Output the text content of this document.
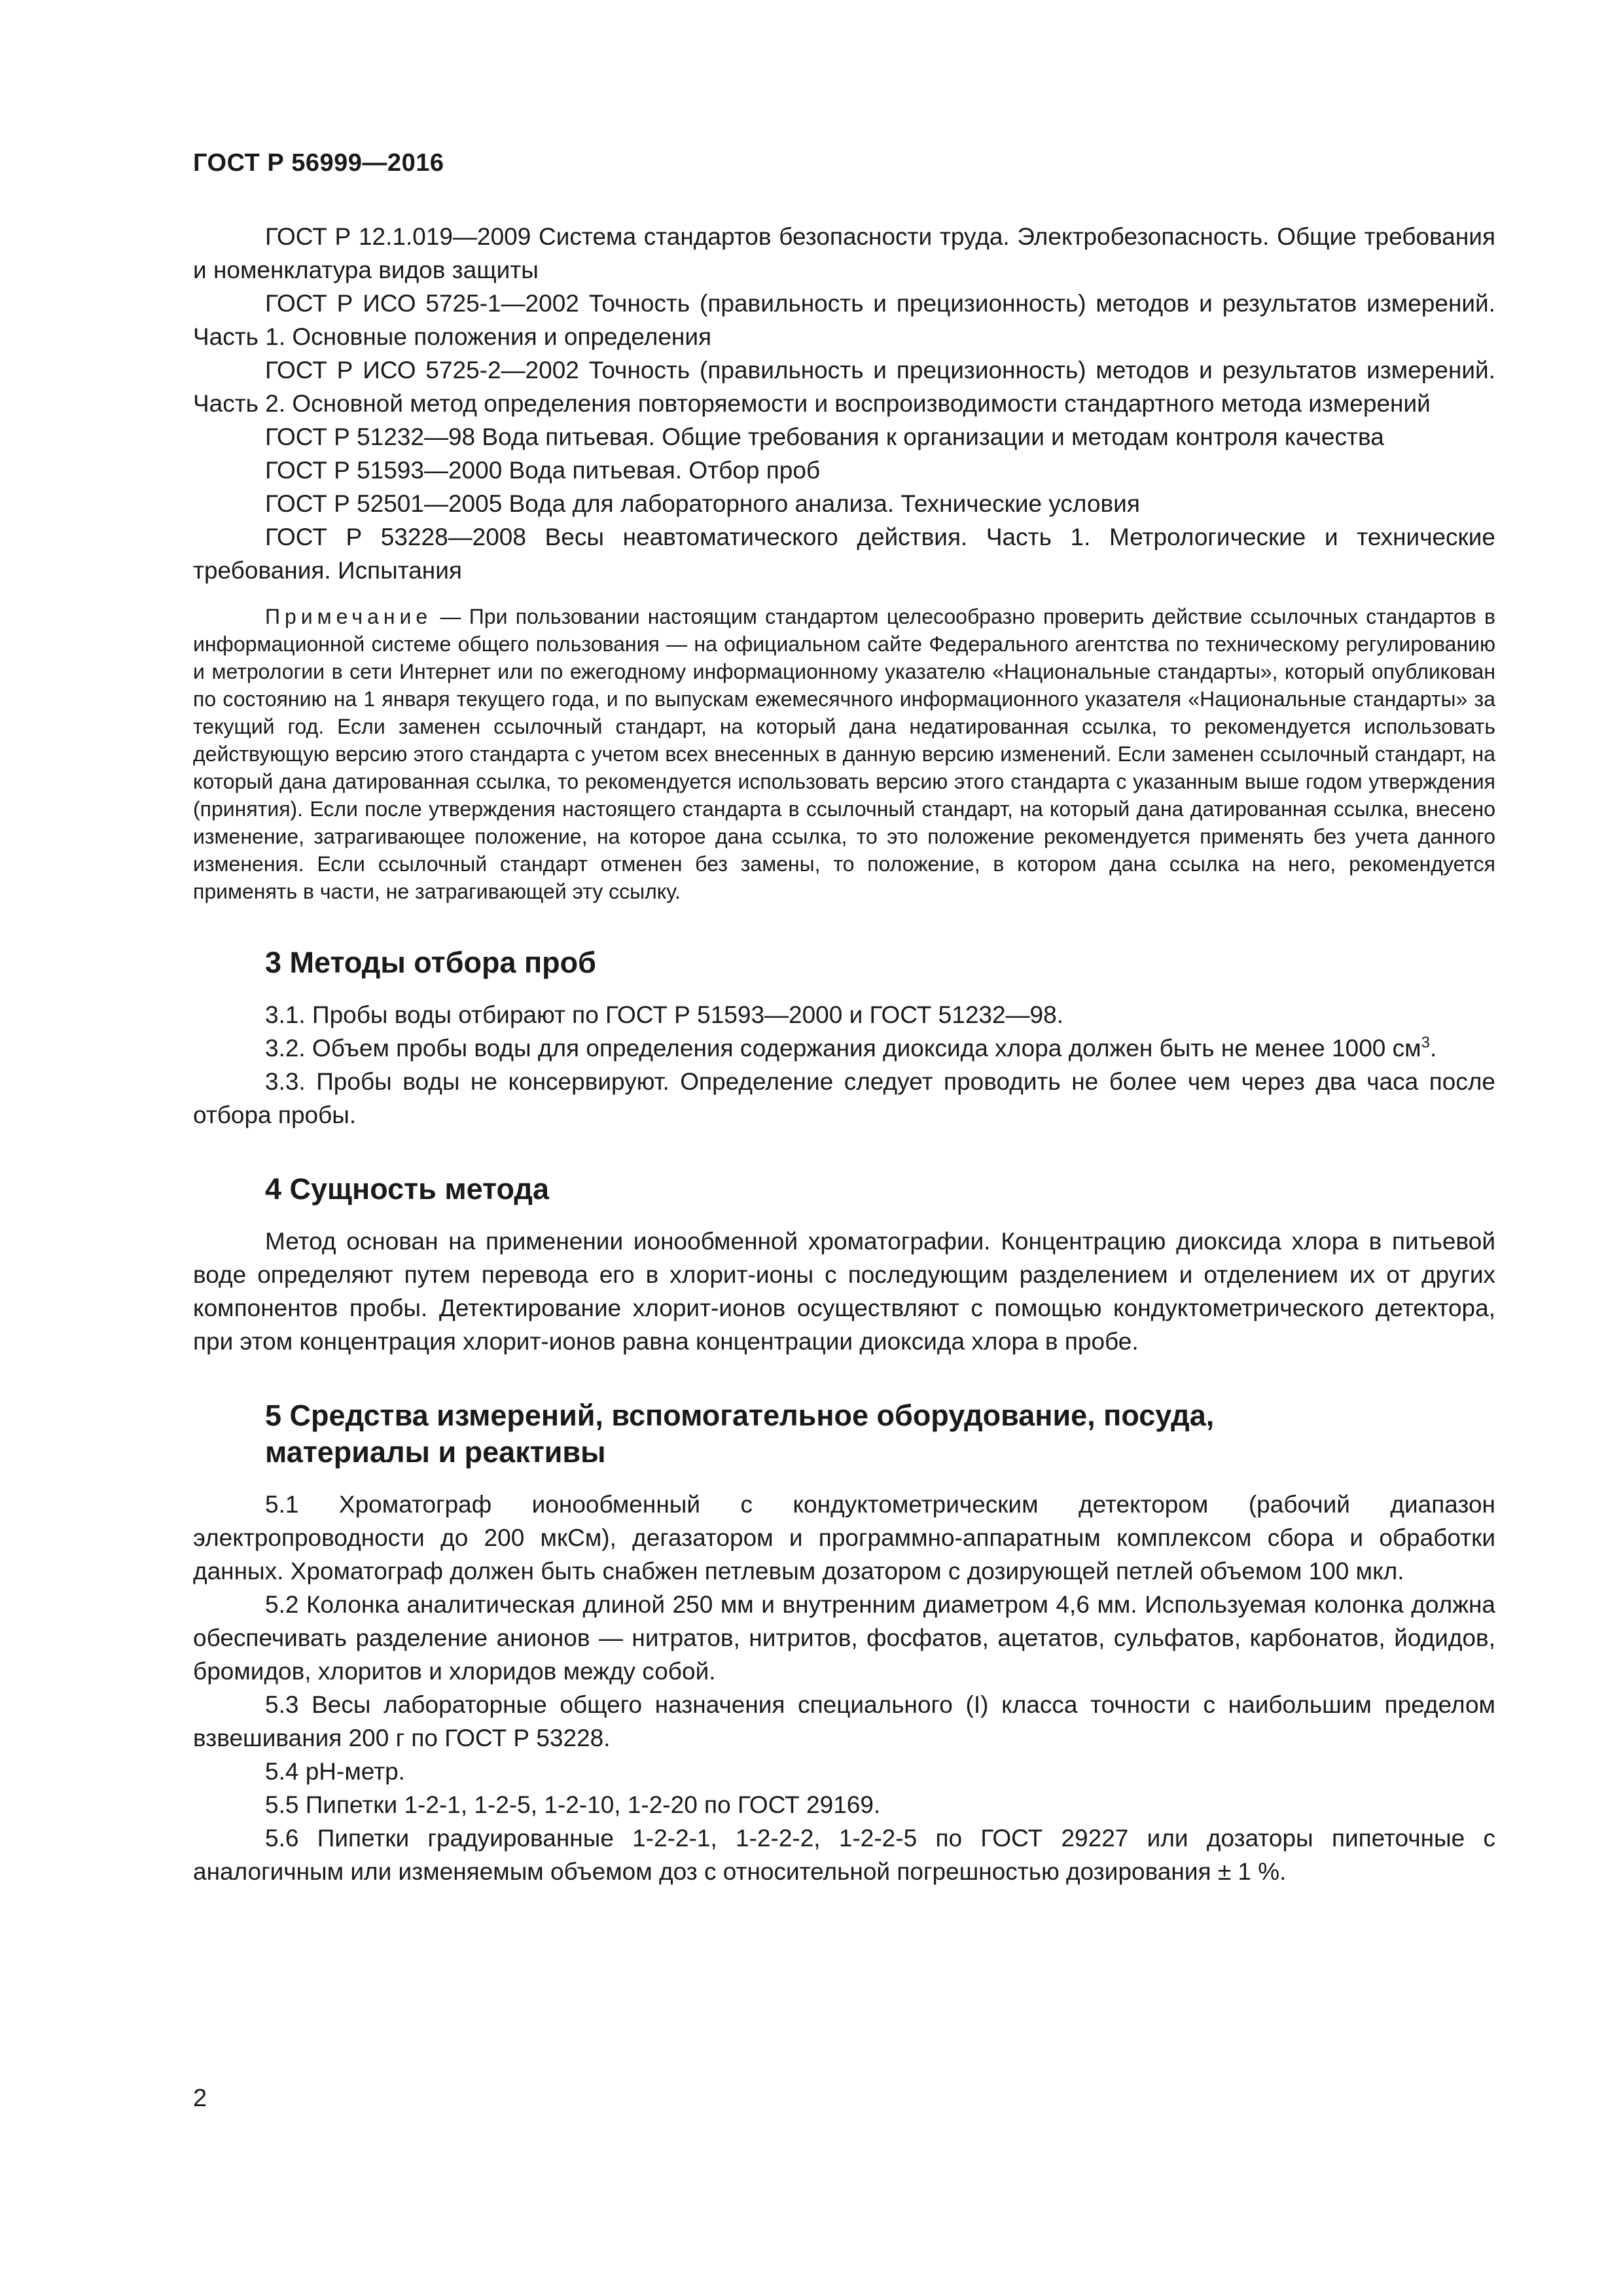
ГОСТ Р 56999—2016

ГОСТ Р 12.1.019—2009 Система стандартов безопасности труда. Электробезопасность. Общие требования и номенклатура видов защиты

ГОСТ Р ИСО 5725-1—2002 Точность (правильность и прецизионность) методов и результатов измерений. Часть 1. Основные положения и определения

ГОСТ Р ИСО 5725-2—2002 Точность (правильность и прецизионность) методов и результатов измерений. Часть 2. Основной метод определения повторяемости и воспроизводимости стандартного метода измерений

ГОСТ Р 51232—98 Вода питьевая. Общие требования к организации и методам контроля качества

ГОСТ Р 51593—2000 Вода питьевая. Отбор проб

ГОСТ Р 52501—2005 Вода для лабораторного анализа. Технические условия

ГОСТ Р 53228—2008 Весы неавтоматического действия. Часть 1. Метрологические и технические требования. Испытания

Примечание — При пользовании настоящим стандартом целесообразно проверить действие ссылочных стандартов в информационной системе общего пользования — на официальном сайте Федерального агентства по техническому регулированию и метрологии в сети Интернет или по ежегодному информационному указателю «Национальные стандарты», который опубликован по состоянию на 1 января текущего года, и по выпускам ежемесячного информационного указателя «Национальные стандарты» за текущий год. Если заменен ссылочный стандарт, на который дана недатированная ссылка, то рекомендуется использовать действующую версию этого стандарта с учетом всех внесенных в данную версию изменений. Если заменен ссылочный стандарт, на который дана датированная ссылка, то рекомендуется использовать версию этого стандарта с указанным выше годом утверждения (принятия). Если после утверждения настоящего стандарта в ссылочный стандарт, на который дана датированная ссылка, внесено изменение, затрагивающее положение, на которое дана ссылка, то это положение рекомендуется применять без учета данного изменения. Если ссылочный стандарт отменен без замены, то положение, в котором дана ссылка на него, рекомендуется применять в части, не затрагивающей эту ссылку.
3 Методы отбора проб

3.1. Пробы воды отбирают по ГОСТ Р 51593—2000 и ГОСТ 51232—98.

3.2. Объем пробы воды для определения содержания диоксида хлора должен быть не менее 1000 $см^3$.

3.3. Пробы воды не консервируют. Определение следует проводить не более чем через два часа после отбора пробы.

4 Сущность метода

Метод основан на применении ионообменной хроматографии. Концентрацию диоксида хлора в питьевой воде определяют путем перевода его в хлорит-ионы с последующим разделением и отделением их от других компонентов пробы. Детектирование хлорит-ионов осуществляют с помощью кондуктометрического детектора, при этом концентрация хлорит-ионов равна концентрации диоксида хлора в пробе.

5 Средства измерений, вспомогательное оборудование, посуда,
материалы и реактивы

5.1 Хроматограф ионообменный с кондуктометрическим детектором (рабочий диапазон электропроводности до 200 мкСм), дегазатором и программно-аппаратным комплексом сбора и обработки данных. Хроматограф должен быть снабжен петлевым дозатором с дозирующей петлей объемом 100 мкл.

5.2 Колонка аналитическая длиной 250 мм и внутренним диаметром 4,6 мм. Используемая колонка должна обеспечивать разделение анионов — нитратов, нитритов, фосфатов, ацетатов, сульфатов, карбонатов, йодидов, бромидов, хлоритов и хлоридов между собой.

5.3 Весы лабораторные общего назначения специального (I) класса точности с наибольшим пределом взвешивания 200 г по ГОСТ Р 53228.

5.4 pH-метр.

5.5 Пипетки 1-2-1, 1-2-5, 1-2-10, 1-2-20 по ГОСТ 29169.

5.6 Пипетки градуированные 1-2-2-1, 1-2-2-2, 1-2-2-5 по ГОСТ 29227 или дозаторы пипеточные с аналогичным или изменяемым объемом доз с относительной погрешностью дозирования ± 1 %.

2
